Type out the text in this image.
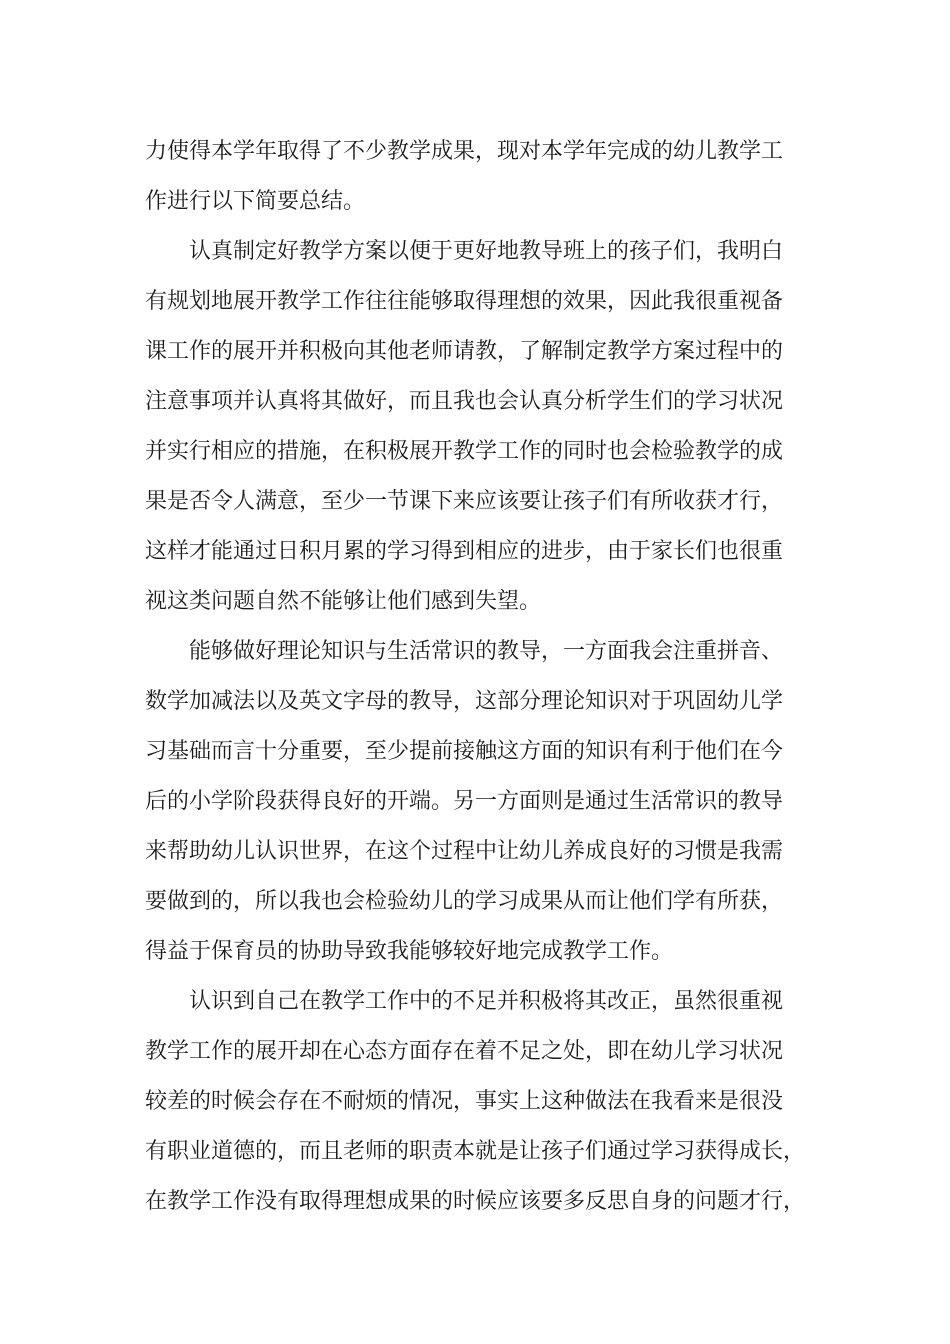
力使得本学年取得了不少教学成果，现对本学年完成的幼儿教学工
作进行以下简要总结。
认真制定好教学方案以便于更好地教导班上的孩子们，我明白
有规划地展开教学工作往往能够取得理想的效果，因此我很重视备
课工作的展开并积极向其他老师请教，了解制定教学方案过程中的
注意事项并认真将其做好，而且我也会认真分析学生们的学习状况
并实行相应的措施，在积极展开教学工作的同时也会检验教学的成
果是否令人满意，至少一节课下来应该要让孩子们有所收获才行，
这样才能通过日积月累的学习得到相应的进步，由于家长们也很重
视这类问题自然不能够让他们感到失望。
能够做好理论知识与生活常识的教导，一方面我会注重拼音、
数学加减法以及英文字母的教导，这部分理论知识对于巩固幼儿学
习基础而言十分重要，至少提前接触这方面的知识有利于他们在今
后的小学阶段获得良好的开端。另一方面则是通过生活常识的教导
来帮助幼儿认识世界，在这个过程中让幼儿养成良好的习惯是我需
要做到的，所以我也会检验幼儿的学习成果从而让他们学有所获，
得益于保育员的协助导致我能够较好地完成教学工作。
认识到自己在教学工作中的不足并积极将其改正，虽然很重视
教学工作的展开却在心态方面存在着不足之处，即在幼儿学习状况
较差的时候会存在不耐烦的情况，事实上这种做法在我看来是很没
有职业道德的，而且老师的职责本就是让孩子们通过学习获得成长，
在教学工作没有取得理想成果的时候应该要多反思自身的问题才行，
